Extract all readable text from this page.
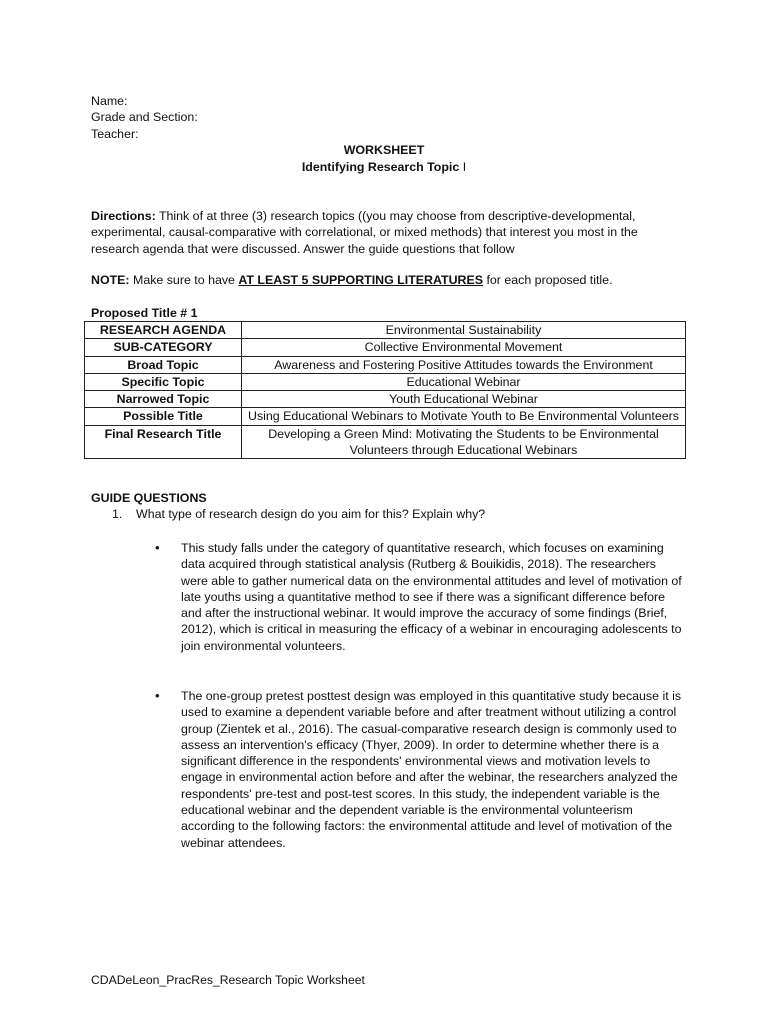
Name:
Grade and Section:
Teacher:
WORKSHEET
Identifying Research Topic I
Directions: Think of at three (3) research topics ((you may choose from descriptive-developmental, experimental, causal-comparative with correlational, or mixed methods) that interest you most in the research agenda that were discussed. Answer the guide questions that follow
NOTE: Make sure to have AT LEAST 5 SUPPORTING LITERATURES for each proposed title.
Proposed Title # 1
RESEARCH AGENDA	Environmental Sustainability
SUB-CATEGORY	Collective Environmental Movement
Broad Topic	Awareness and Fostering Positive Attitudes towards the Environment
Specific Topic	Educational Webinar
Narrowed Topic	Youth Educational Webinar
Possible Title	Using Educational Webinars to Motivate Youth to Be Environmental Volunteers
Final Research Title	Developing a Green Mind: Motivating the Students to be Environmental Volunteers through Educational Webinars
GUIDE QUESTIONS
1. What type of research design do you aim for this? Explain why?
• This study falls under the category of quantitative research, which focuses on examining data acquired through statistical analysis (Rutberg & Bouikidis, 2018). The researchers were able to gather numerical data on the environmental attitudes and level of motivation of late youths using a quantitative method to see if there was a significant difference before and after the instructional webinar. It would improve the accuracy of some findings (Brief, 2012), which is critical in measuring the efficacy of a webinar in encouraging adolescents to join environmental volunteers.
• The one-group pretest posttest design was employed in this quantitative study because it is used to examine a dependent variable before and after treatment without utilizing a control group (Zientek et al., 2016). The casual-comparative research design is commonly used to assess an intervention's efficacy (Thyer, 2009). In order to determine whether there is a significant difference in the respondents' environmental views and motivation levels to engage in environmental action before and after the webinar, the researchers analyzed the respondents' pre-test and post-test scores. In this study, the independent variable is the educational webinar and the dependent variable is the environmental volunteerism according to the following factors: the environmental attitude and level of motivation of the webinar attendees.
CDADeLeon_PracRes_Research Topic Worksheet
